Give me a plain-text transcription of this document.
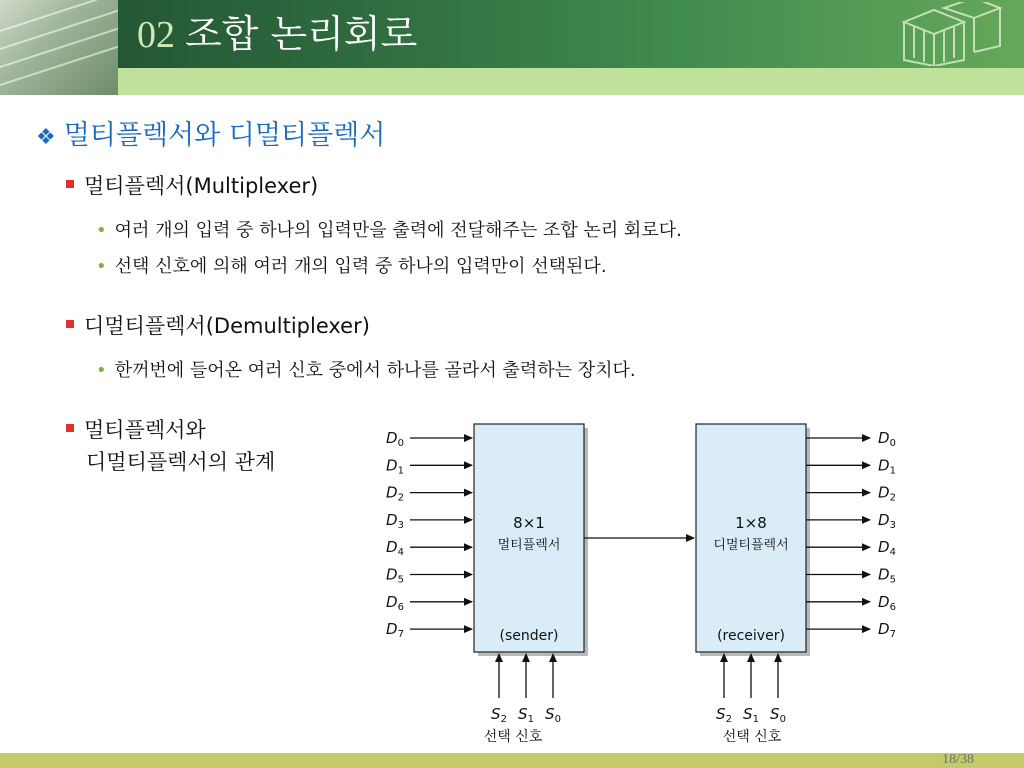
02 조합 논리회로
❖ 멀티플렉서와 디멀티플렉서
멀티플렉서(Multiplexer)
• 여러 개의 입력 중 하나의 입력만을 출력에 전달해주는 조합 논리 회로다.
• 선택 신호에 의해 여러 개의 입력 중 하나의 입력만이 선택된다.
디멀티플렉서(Demultiplexer)
• 한꺼번에 들어온 여러 신호 중에서 하나를 골라서 출력하는 장치다.
멀티플렉서와
디멀티플렉서의 관계
8×1
멀티플렉서
(sender)
1×8
디멀티플렉서
(receiver)
$D_0$
$D_1$
$D_2$
$D_3$
$D_4$
$D_5$
$D_6$
$D_7$
$D_0$
$D_1$
$D_2$
$D_3$
$D_4$
$D_5$
$D_6$
$D_7$
$S_2$ $S_1$ $S_0$	$S_2$ $S_1$ $S_0$
선택 신호	선택 신호
18/38
